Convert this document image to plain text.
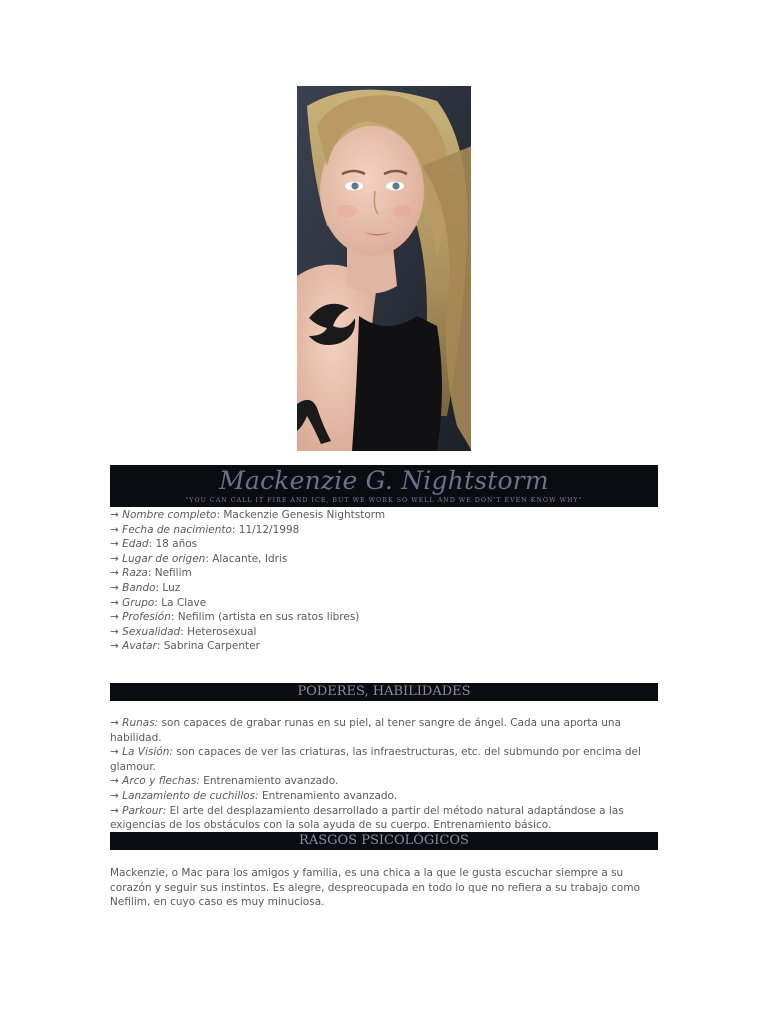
Mackenzie G. Nightstorm
"YOU CAN CALL IT FIRE AND ICE, BUT WE WORK SO WELL AND WE DON'T EVEN KNOW WHY"
→ Nombre completo: Mackenzie Genesis Nightstorm
→ Fecha de nacimiento: 11/12/1998
→ Edad: 18 años
→ Lugar de origen: Alacante, Idris
→ Raza: Nefilim
→ Bando: Luz
→ Grupo: La Clave
→ Profesión: Nefilim (artista en sus ratos libres)
→ Sexualidad: Heterosexual
→ Avatar: Sabrina Carpenter
PODERES, HABILIDADES
→ Runas: son capaces de grabar runas en su piel, al tener sangre de ángel. Cada una aporta una habilidad.
→ La Visión: son capaces de ver las criaturas, las infraestructuras, etc. del submundo por encima del glamour.
→ Arco y flechas: Entrenamiento avanzado.
→ Lanzamiento de cuchillos: Entrenamiento avanzado.
→ Parkour: El arte del desplazamiento desarrollado a partir del método natural adaptándose a las exigencias de los obstáculos con la sola ayuda de su cuerpo. Entrenamiento básico.
RASGOS PSICOLÓGICOS
Mackenzie, o Mac para los amigos y familia, es una chica a la que le gusta escuchar siempre a su corazón y seguir sus instintos. Es alegre, despreocupada en todo lo que no refiera a su trabajo como Nefilim, en cuyo caso es muy minuciosa.
